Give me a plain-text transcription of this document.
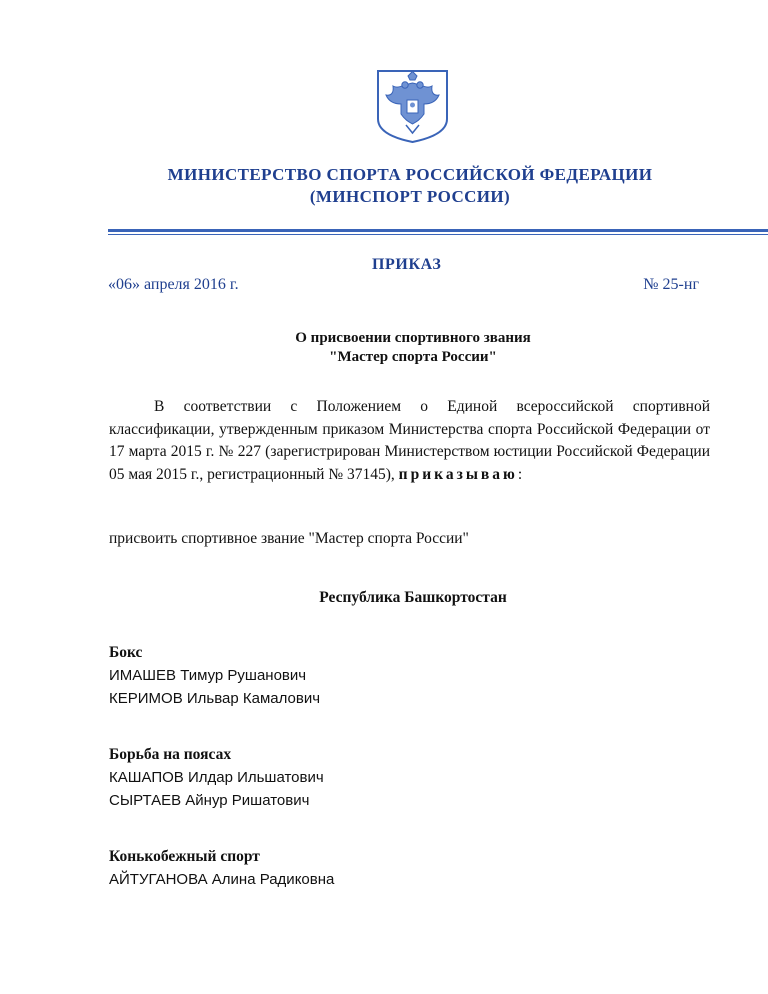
МИНИСТЕРСТВО СПОРТА РОССИЙСКОЙ ФЕДЕРАЦИИ
(МИНСПОРТ РОССИИ)
ПРИКАЗ
«06» апреля 2016 г.	№ 25-нг
О присвоении спортивного звания
"Мастер спорта России"
В соответствии с Положением о Единой всероссийской спортивной классификации, утвержденным приказом Министерства спорта Российской Федерации от 17 марта 2015 г. № 227 (зарегистрирован Министерством юстиции Российской Федерации 05 мая 2015 г., регистрационный № 37145), приказываю:
присвоить спортивное звание "Мастер спорта России"
Республика Башкортостан
Бокс
ИМАШЕВ Тимур Рушанович
КЕРИМОВ Ильвар Камалович
Борьба на поясах
КАШАПОВ Илдар Ильшатович
СЫРТАЕВ Айнур Ришатович
Конькобежный спорт
АЙТУГАНОВА Алина Радиковна
